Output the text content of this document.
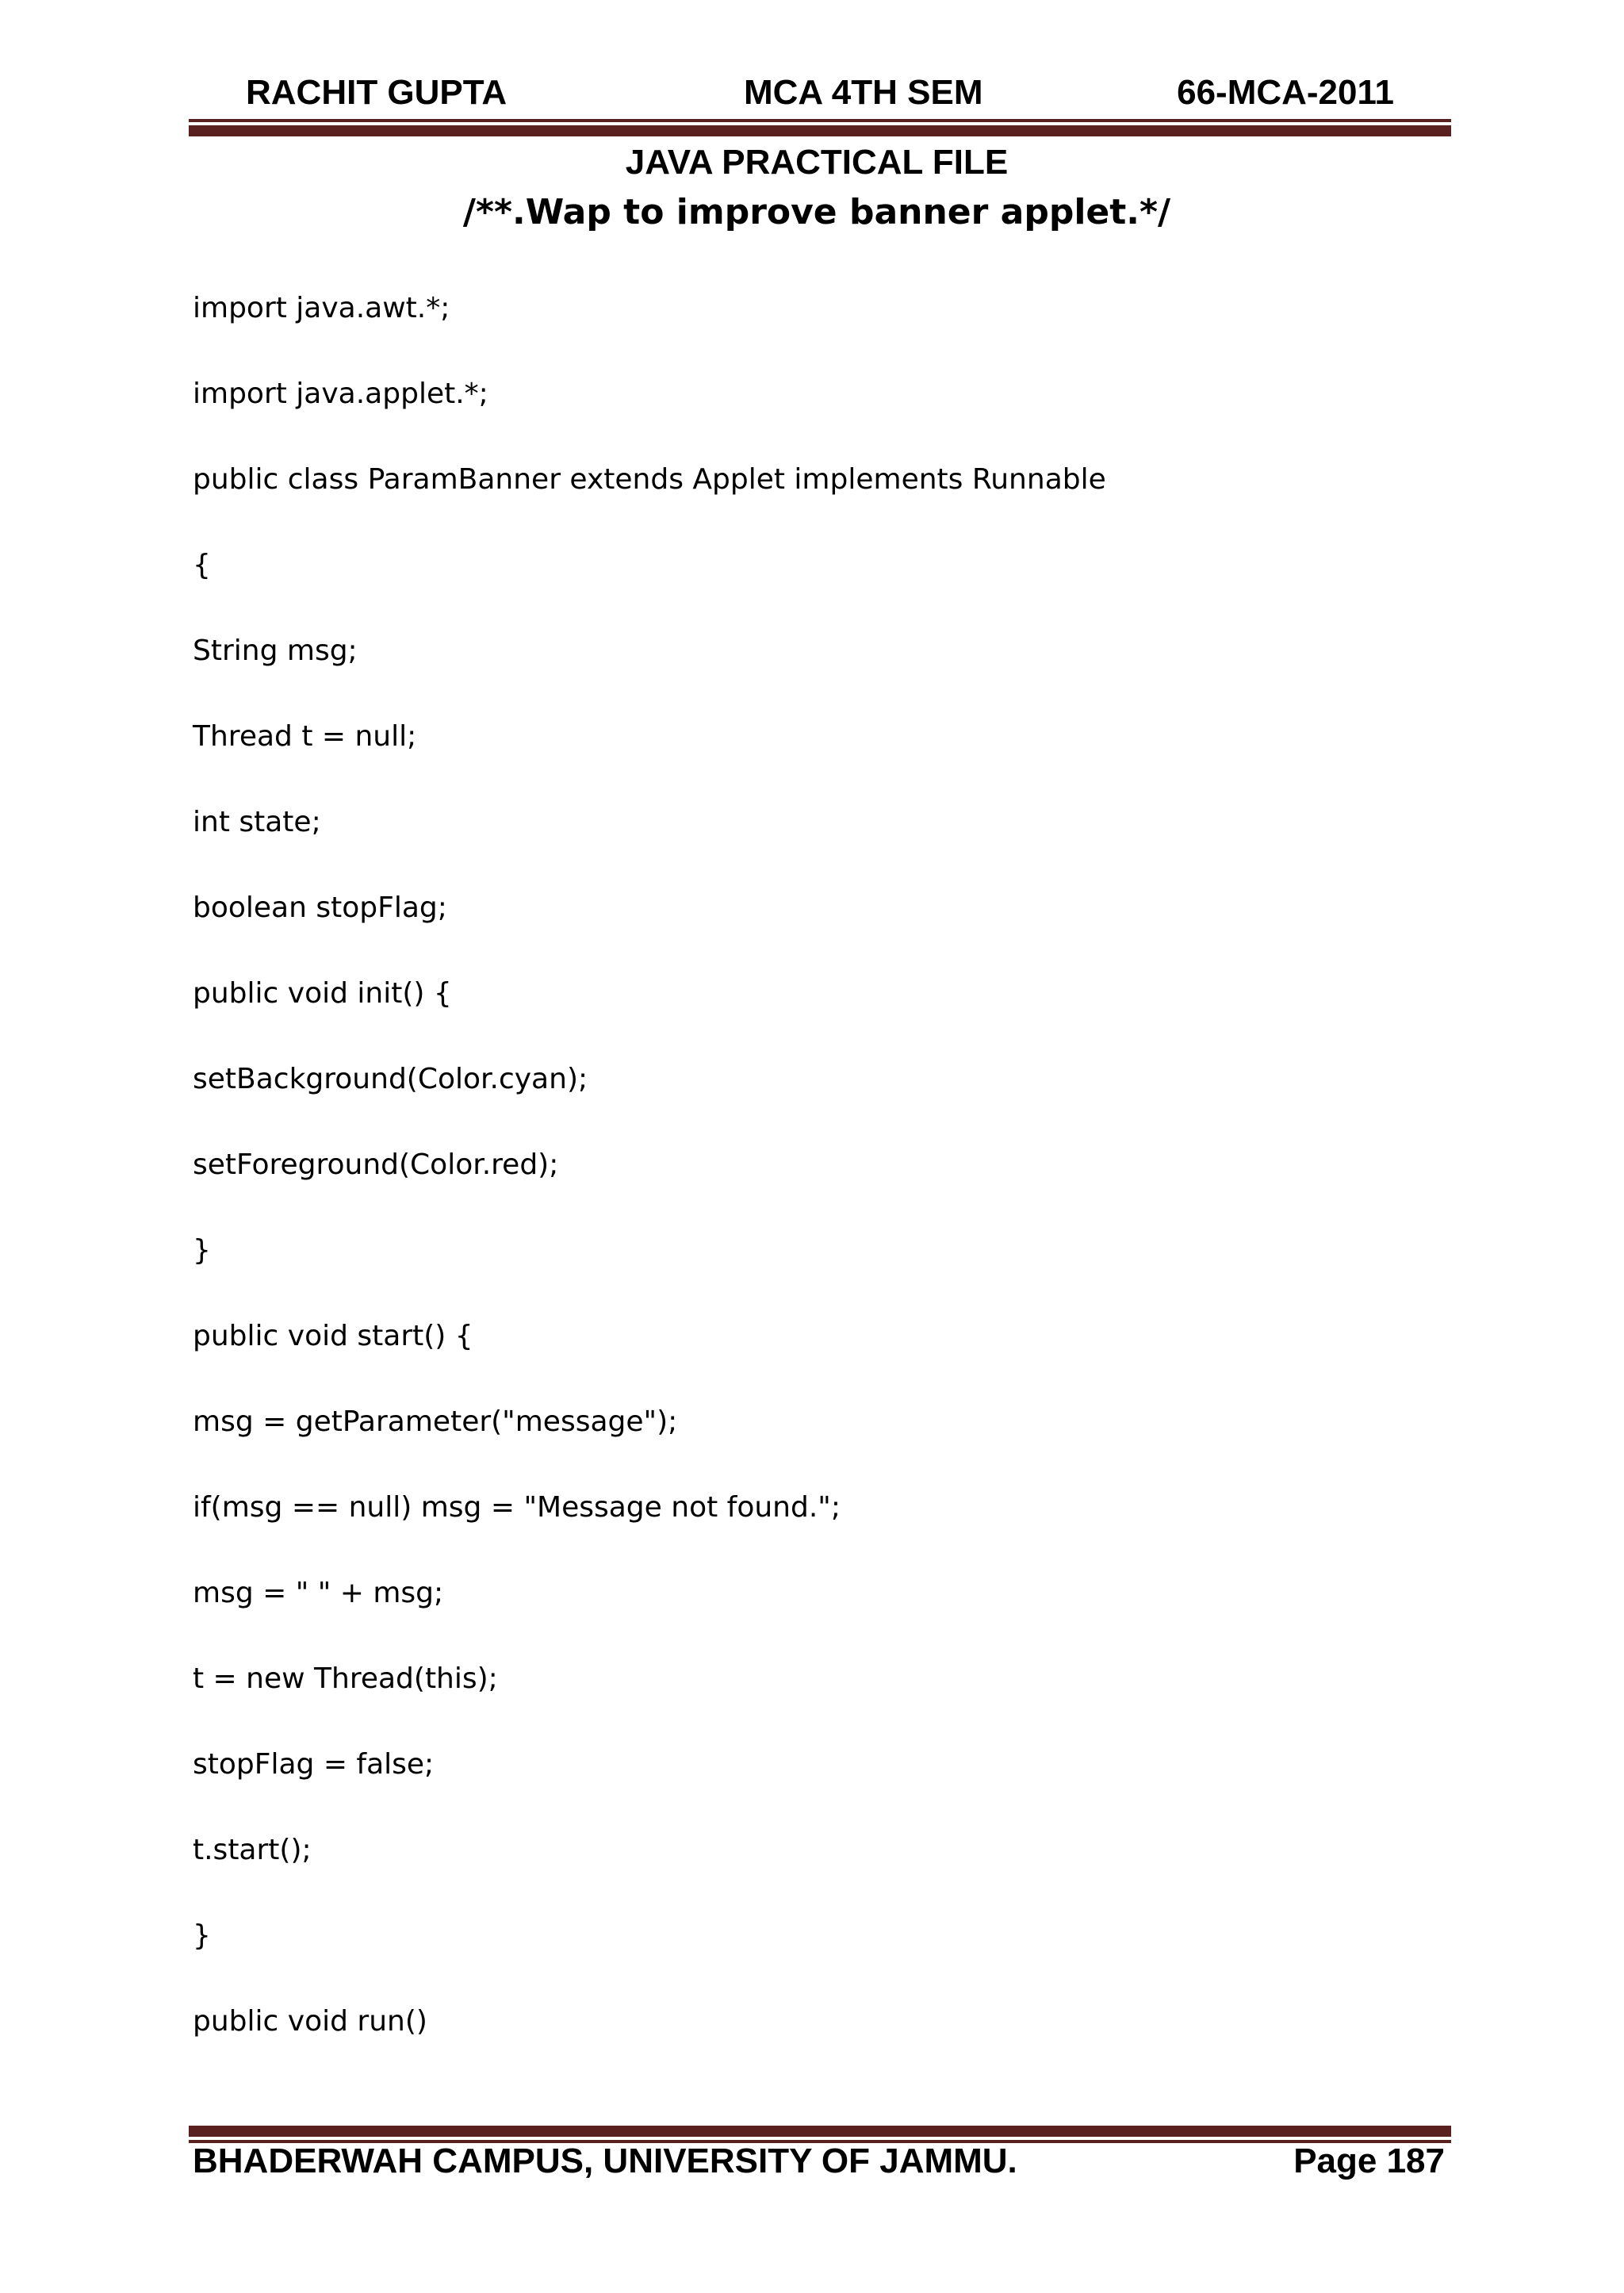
RACHIT GUPTA	MCA 4TH SEM	66-MCA-2011
JAVA PRACTICAL FILE
/**.Wap to improve banner applet.*/
import java.awt.*;
import java.applet.*;
public class ParamBanner extends Applet implements Runnable
{
String msg;
Thread t = null;
int state;
boolean stopFlag;
public void init() {
setBackground(Color.cyan);
setForeground(Color.red);
}
public void start() {
msg = getParameter("message");
if(msg == null) msg = "Message not found.";
msg = " " + msg;
t = new Thread(this);
stopFlag = false;
t.start();
}
public void run()
BHADERWAH CAMPUS, UNIVERSITY OF JAMMU.	Page 187
